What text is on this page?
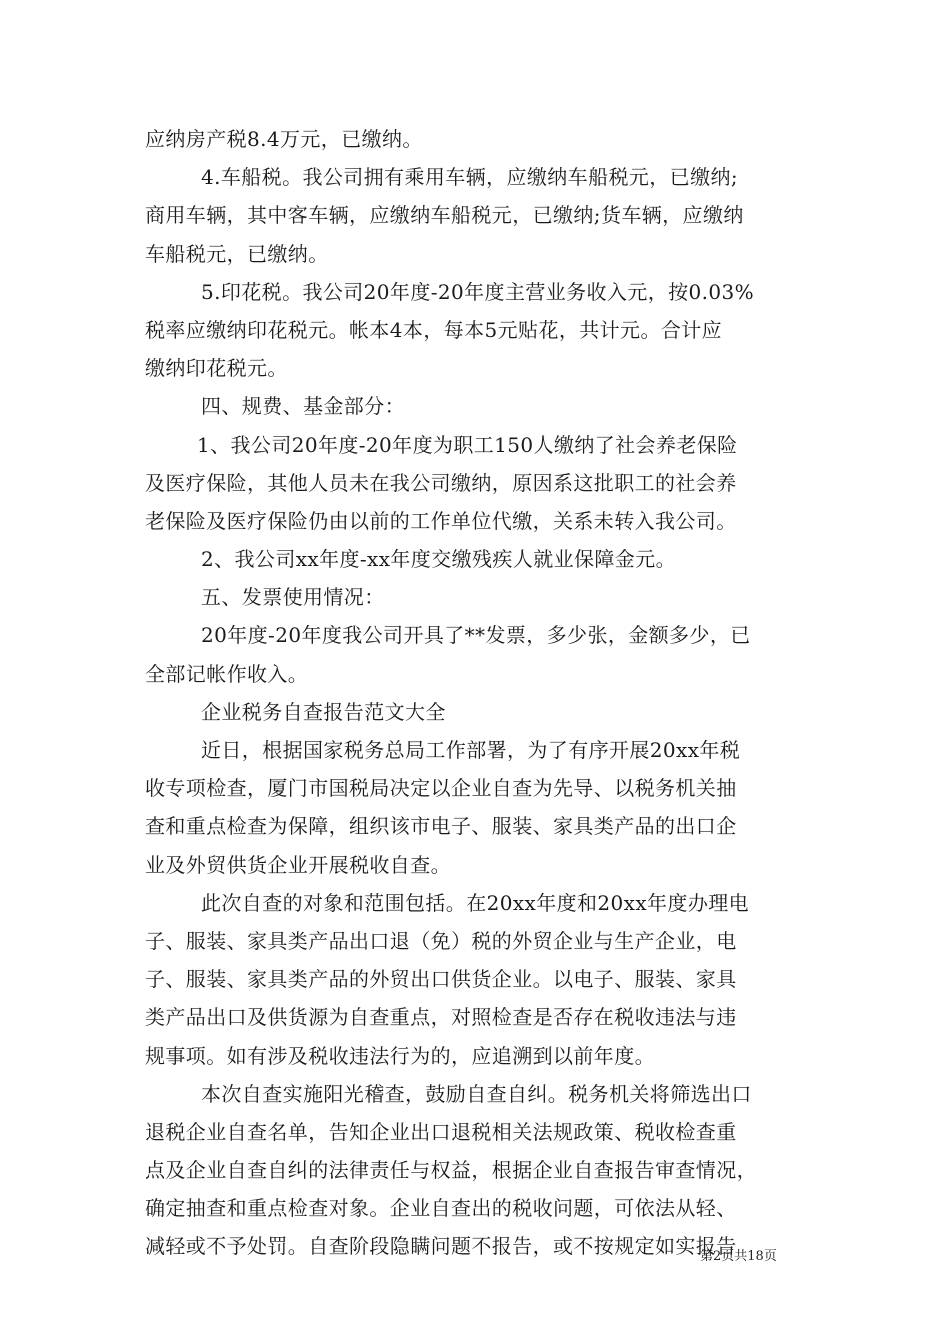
应纳房产税8.4万元，已缴纳。
4.车船税。我公司拥有乘用车辆，应缴纳车船税元，已缴纳;
商用车辆，其中客车辆，应缴纳车船税元，已缴纳;货车辆，应缴纳
车船税元，已缴纳。
5.印花税。我公司20年度-20年度主营业务收入元，按0.03%
税率应缴纳印花税元。帐本4本，每本5元贴花，共计元。合计应
缴纳印花税元。
四、规费、基金部分：
1、我公司20年度-20年度为职工150人缴纳了社会养老保险
及医疗保险，其他人员未在我公司缴纳，原因系这批职工的社会养
老保险及医疗保险仍由以前的工作单位代缴，关系未转入我公司。
2、我公司xx年度-xx年度交缴残疾人就业保障金元。
五、发票使用情况：
20年度-20年度我公司开具了**发票，多少张，金额多少，已
全部记帐作收入。
企业税务自查报告范文大全
近日，根据国家税务总局工作部署，为了有序开展20xx年税
收专项检查，厦门市国税局决定以企业自查为先导、以税务机关抽
查和重点检查为保障，组织该市电子、服装、家具类产品的出口企
业及外贸供货企业开展税收自查。
此次自查的对象和范围包括。在20xx年度和20xx年度办理电
子、服装、家具类产品出口退（免）税的外贸企业与生产企业，电
子、服装、家具类产品的外贸出口供货企业。以电子、服装、家具
类产品出口及供货源为自查重点，对照检查是否存在税收违法与违
规事项。如有涉及税收违法行为的，应追溯到以前年度。
本次自查实施阳光稽查，鼓励自查自纠。税务机关将筛选出口
退税企业自查名单，告知企业出口退税相关法规政策、税收检查重
点及企业自查自纠的法律责任与权益，根据企业自查报告审查情况，
确定抽查和重点检查对象。企业自查出的税收问题，可依法从轻、
减轻或不予处罚。自查阶段隐瞒问题不报告，或不按规定如实报告
第2页共18页
